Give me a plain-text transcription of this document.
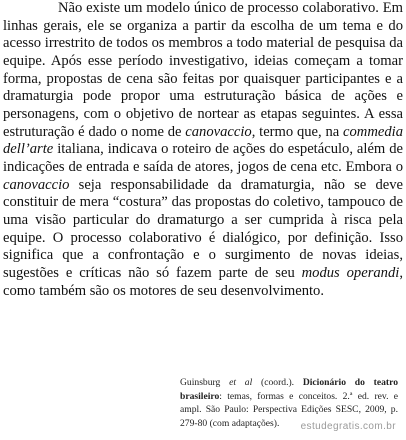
Não existe um modelo único de processo colaborativo. Em linhas gerais, ele se organiza a partir da escolha de um tema e do acesso irrestrito de todos os membros a todo material de pesquisa da equipe. Após esse período investigativo, ideias começam a tomar forma, propostas de cena são feitas por quaisquer participantes e a dramaturgia pode propor uma estruturação básica de ações e personagens, com o objetivo de nortear as etapas seguintes. A essa estruturação é dado o nome de canovaccio, termo que, na commedia dell’arte italiana, indicava o roteiro de ações do espetáculo, além de indicações de entrada e saída de atores, jogos de cena etc. Embora o canovaccio seja responsabilidade da dramaturgia, não se deve constituir de mera “costura” das propostas do coletivo, tampouco de uma visão particular do dramaturgo a ser cumprida à risca pela equipe. O processo colaborativo é dialógico, por definição. Isso significa que a confrontação e o surgimento de novas ideias, sugestões e críticas não só fazem parte de seu modus operandi, como também são os motores de seu desenvolvimento.

Guinsburg et al (coord.). Dicionário do teatro brasileiro: temas, formas e conceitos. 2.ª ed. rev. e ampl. São Paulo: Perspectiva Edições SESC, 2009, p. 279-80 (com adaptações).	estudegratis.com.br
